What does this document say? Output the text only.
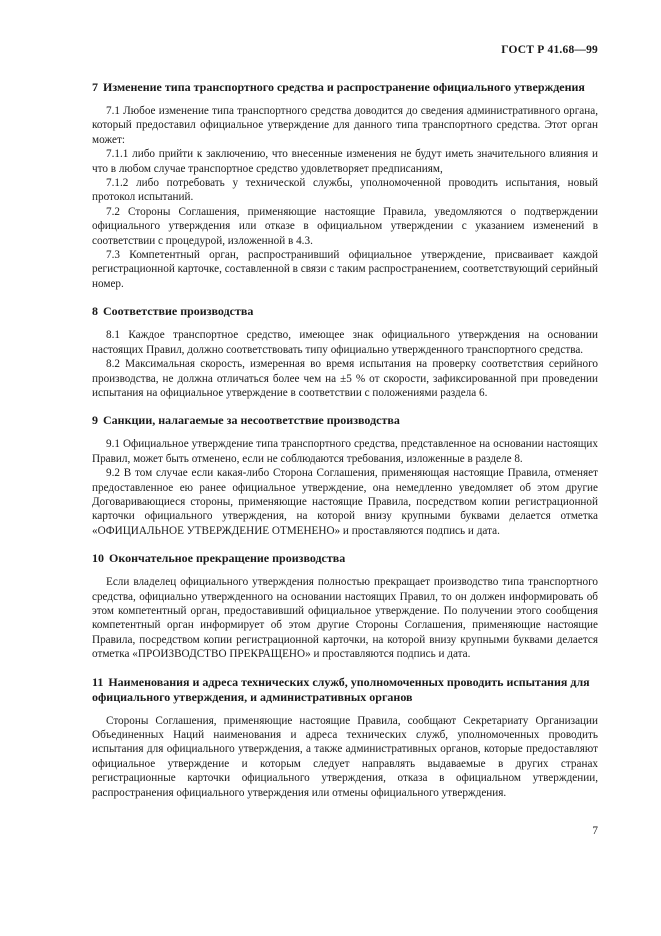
ГОСТ Р 41.68—99
7 Изменение типа транспортного средства и распространение официального утверждения

7.1 Любое изменение типа транспортного средства доводится до сведения административного органа, который предоставил официальное утверждение для данного типа транспортного средства. Этот орган может:

7.1.1 либо прийти к заключению, что внесенные изменения не будут иметь значительного влияния и что в любом случае транспортное средство удовлетворяет предписаниям,

7.1.2 либо потребовать у технической службы, уполномоченной проводить испытания, новый протокол испытаний.

7.2 Стороны Соглашения, применяющие настоящие Правила, уведомляются о подтверждении официального утверждения или отказе в официальном утверждении с указанием изменений в соответствии с процедурой, изложенной в 4.3.

7.3 Компетентный орган, распространивший официальное утверждение, присваивает каждой регистрационной карточке, составленной в связи с таким распространением, соответствующий серийный номер.

8 Соответствие производства

8.1 Каждое транспортное средство, имеющее знак официального утверждения на основании настоящих Правил, должно соответствовать типу официально утвержденного транспортного средства.

8.2 Максимальная скорость, измеренная во время испытания на проверку соответствия серийного производства, не должна отличаться более чем на ±5 % от скорости, зафиксированной при проведении испытания на официальное утверждение в соответствии с положениями раздела 6.

9 Санкции, налагаемые за несоответствие производства

9.1 Официальное утверждение типа транспортного средства, представленное на основании настоящих Правил, может быть отменено, если не соблюдаются требования, изложенные в разделе 8.

9.2 В том случае если какая-либо Сторона Соглашения, применяющая настоящие Правила, отменяет предоставленное ею ранее официальное утверждение, она немедленно уведомляет об этом другие Договаривающиеся стороны, применяющие настоящие Правила, посредством копии регистрационной карточки официального утверждения, на которой внизу крупными буквами делается отметка «ОФИЦИАЛЬНОЕ УТВЕРЖДЕНИЕ ОТМЕНЕНО» и проставляются подпись и дата.

10 Окончательное прекращение производства

Если владелец официального утверждения полностью прекращает производство типа транспортного средства, официально утвержденного на основании настоящих Правил, то он должен информировать об этом компетентный орган, предоставивший официальное утверждение. По получении этого сообщения компетентный орган информирует об этом другие Стороны Соглашения, применяющие настоящие Правила, посредством копии регистрационной карточки, на которой внизу крупными буквами делается отметка «ПРОИЗВОДСТВО ПРЕКРАЩЕНО» и проставляются подпись и дата.

11 Наименования и адреса технических служб, уполномоченных проводить испытания для официального утверждения, и административных органов

Стороны Соглашения, применяющие настоящие Правила, сообщают Секретариату Организации Объединенных Наций наименования и адреса технических служб, уполномоченных проводить испытания для официального утверждения, а также административных органов, которые предоставляют официальное утверждение и которым следует направлять выдаваемые в других странах регистрационные карточки официального утверждения, отказа в официальном утверждении, распространения официального утверждения или отмены официального утверждения.

7
